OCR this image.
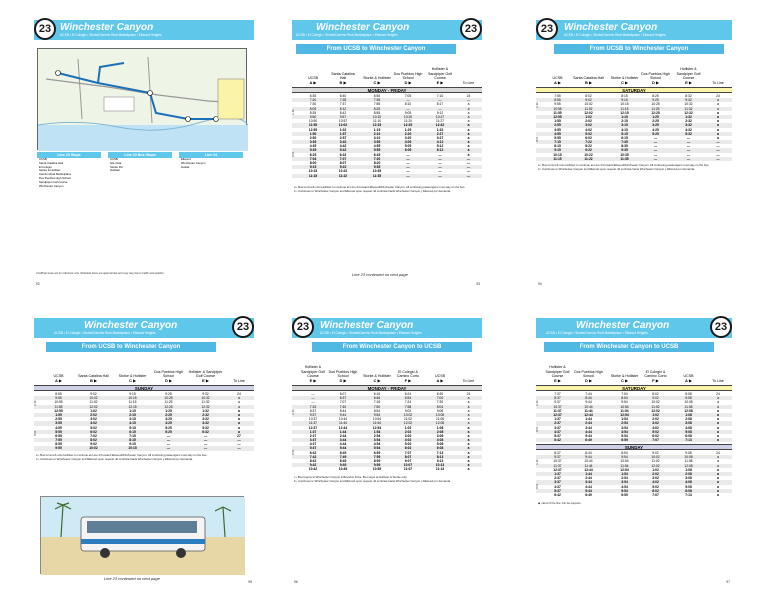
23 Winchester Canyon
UCSB • El Colegio • Storke/Camino Real Marketplace • Ellwood Heights
Line 23 Stops
UCSB
Santa Catalina Hall
El Colegio
Storke & Hollister
Camino Real Marketplace
Dos Pueblos High School
Sandpiper Golf Course
Winchester Canyon
Line 23 Bus Stops
UCSB
Isla Vista
Storke Rd
Hollister
Line 24
Ellwood
Winchester Canyon
Goleta
Unofficial stops are for reference only. Schedule times are approximate and may vary due to traffic and weather.
92
Winchester Canyon
UCSB • El Colegio • Storke/Camino Real Marketplace • Ellwood Heights	23
From UCSB to Winchester Canyon
UCSB
A ▶
Santa Catalina Hall
B ▶
Storke & Hollister
C ▶
Dos Pueblos High School
D ▶
Hollister & Sandpiper Golf Course
E ▶	To Line
MONDAY - FRIDAY
6:35	6:40	6:55	7:05	7:10	24
7:20	7:28	7:35	—	—	—
7:30	7:37	7:55	8:10	8:17	a
8:05	8:12	8:25	—	—	a
8:35	8:42	8:55	9:05	9:12	a
9:50	9:57	10:10	10:20	10:27	a
10:50	10:57	11:10	11:20	11:27	a
11:55	12:02	12:15	12:25	12:32	a
12:55	1:02	1:15	1:25	1:32	a
1:50	1:57	2:10	2:20	2:27	a
2:50	2:57	3:10	3:20	3:27	a
3:35	3:42	3:55	4:05	4:12	a
4:35	4:42	4:55	5:05	5:12	a
5:35	5:42	5:55	6:05	6:12	a
6:25	6:32	6:45	—	—	a
7:04	7:07	7:20	—	—	—
8:00	8:07	8:20	—	—	—
9:15	9:22	9:35	—	—	—
10:15	10:22	10:35	—	—	—
11:15	11:22	11:35	—	—	—
A.M.
P.M.
a • Bus turns left onto Hollister to continue as Line 24 toward Ellwood/Winchester Canyon. All continuing passengers must stay on the bus.
b • Continues to Winchester Canyon and Ellwood upon request. El continúa hacia Winchester Canyon y Ellwood por demanda.
Line 23 continued on next page
93
23	Winchester Canyon
UCSB • El Colegio • Storke/Camino Real Marketplace • Ellwood Heights
From UCSB to Winchester Canyon
UCSB
A ▶
Santa Catalina Hall
B ▶
Storke & Hollister
C ▶
Dos Pueblos High School
D ▶
Hollister & Sandpiper Golf Course
E ▶	To Line
SATURDAY
7:55	8:02	8:15	8:25	8:32	24
8:55	9:02	9:15	9:25	9:32	a
9:55	10:02	10:15	10:25	10:32	a
10:55	11:02	11:15	11:25	11:32	a
11:55	12:02	12:15	12:25	12:32	a
12:55	1:02	1:15	1:25	1:32	a
1:55	2:02	2:15	2:25	2:32	a
2:55	3:02	3:15	3:25	3:32	a
3:55	4:02	4:15	4:25	4:32	a
4:55	5:02	5:15	5:25	5:32	a
5:55	6:02	6:15	—	—	a
7:15	7:22	7:35	—	—	—
8:15	8:22	8:35	—	—	—
9:15	9:22	9:35	—	—	—
10:15	10:22	10:35	—	—	—
11:15	11:22	11:35	—	—	—
A.M.
P.M.
a • Bus turns left onto Hollister to continue as Line 24 toward Ellwood/Winchester Canyon. All continuing passengers must stay on the bus.
b • Continues to Winchester Canyon and Ellwood upon request. El continúa hacia Winchester Canyon y Ellwood por demanda.
94
Winchester Canyon
UCSB • El Colegio • Storke/Camino Real Marketplace • Ellwood Heights	23
From UCSB to Winchester Canyon
UCSB
A ▶
Santa Catalina Hall
B ▶
Storke & Hollister
C ▶
Dos Pueblos High School
D ▶
Hollister & Sandpiper Golf Course
E ▶	To Line
SUNDAY
8:55	9:02	9:15	9:25	9:32	24
9:55	10:02	10:15	10:25	10:32	a
10:55	11:02	11:15	11:25	11:32	a
11:55	12:02	12:15	12:25	12:32	a
12:55	1:02	1:15	1:25	1:32	a
1:55	2:02	2:15	2:25	2:32	a
2:55	3:02	3:15	3:25	3:32	a
3:55	4:02	4:15	4:25	4:32	a
4:55	5:02	5:15	5:25	5:32	a
5:55	6:02	6:15	6:25	6:32	a
6:55	7:02	7:15	—	—	27
7:55	8:02	8:15	—	—	—
8:55	9:02	9:15	—	—	—
9:55	10:02	10:15	—	—	—
A.M.
P.M.
a • Bus turns left onto Hollister to continue as Line 24 toward Ellwood/Winchester Canyon. All continuing passengers must stay on the bus.
b • Continues to Winchester Canyon and Ellwood upon request. El continúa hacia Winchester Canyon y Ellwood por demanda.
Line 23 continued on next page
95
23	Winchester Canyon
UCSB • El Colegio • Storke/Camino Real Marketplace • Ellwood Heights
From Winchester Canyon to UCSB
Hollister & Sandpiper Golf Course
E ▶
Dos Pueblos High School
D ▶
Storke & Hollister
C ▶
El Colegio & Camino Corto
F ▶
UCSB
A ▶	To Line
MONDAY - FRIDAY
—	6:07	6:16	6:24	6:30	24
—	6:37	6:46	6:54	7:00	a
—	7:07	7:16	7:24	7:30	a
7:33	7:40	7:50	7:58	8:04	a
8:37	8:44	8:54	9:02	9:08	a
9:37	9:44	9:54	10:02	10:08	a
10:37	10:44	10:54	11:02	11:08	a
11:37	11:44	11:54	12:02	12:08	a
12:37	12:44	12:54	1:02	1:08	a
1:37	1:44	1:54	2:02	2:08	a
2:37	2:44	2:54	3:02	3:08	a
3:37	3:44	3:54	4:02	4:08	a
4:37	4:44	4:54	5:02	5:08	a
5:37	5:44	5:54	6:02	6:08	a
6:42	6:49	6:59	7:07	7:13	a
7:42	7:49	7:59	8:07	8:13	a
8:42	8:49	8:59	9:07	9:13	a
9:42	9:49	9:59	10:07	10:13	a
10:42	10:49	10:59	11:07	11:13	a
A.M.
P.M.
c • Bus begins at Winchester Canyon & Brandon Drive. Bus stops at Hollister & Storke only.
b • Continues to Winchester Canyon and Ellwood upon request. El continúa hacia Winchester Canyon y Ellwood por demanda.
96
Winchester Canyon
UCSB • El Colegio • Storke/Camino Real Marketplace • Ellwood Heights	23
From Winchester Canyon to UCSB
Hollister & Sandpiper Golf Course
E ▶
Dos Pueblos High School
D ▶
Storke & Hollister
C ▶
El Colegio & Camino Corto
F ▶
UCSB
A ▶	To Line
SATURDAY
7:37	7:44	7:54	8:02	8:08	24
8:37	8:44	8:54	9:02	9:08	a
9:37	9:44	9:54	10:02	10:08	a
10:37	10:44	10:54	11:02	11:08	a
11:37	11:44	11:54	12:02	12:08	a
12:37	12:44	12:54	1:02	1:08	a
1:37	1:44	1:54	2:02	2:08	a
2:37	2:44	2:54	3:02	3:08	a
3:37	3:44	3:54	4:02	4:08	a
4:37	4:44	4:54	5:02	5:08	a
5:37	5:44	5:54	6:02	6:08	a
6:42	6:49	6:59	7:07	7:13	a
A.M.
P.M.
SUNDAY
8:37	8:44	8:54	9:02	9:08	24
9:37	9:44	9:54	10:02	10:08	a
10:37	10:44	10:54	11:02	11:08	a
11:37	11:44	11:54	12:02	12:08	a
12:37	12:44	12:54	1:02	1:08	a
1:37	1:44	1:54	2:02	2:08	a
2:37	2:44	2:54	3:02	3:08	a
3:37	3:44	3:54	4:02	4:08	a
4:37	4:44	4:54	5:02	5:08	a
5:37	5:44	5:54	6:02	6:08	a
6:42	6:49	6:59	7:07	7:13	a
A.M.
P.M.
◆ • End of the line. Fin de trayecto.
97
